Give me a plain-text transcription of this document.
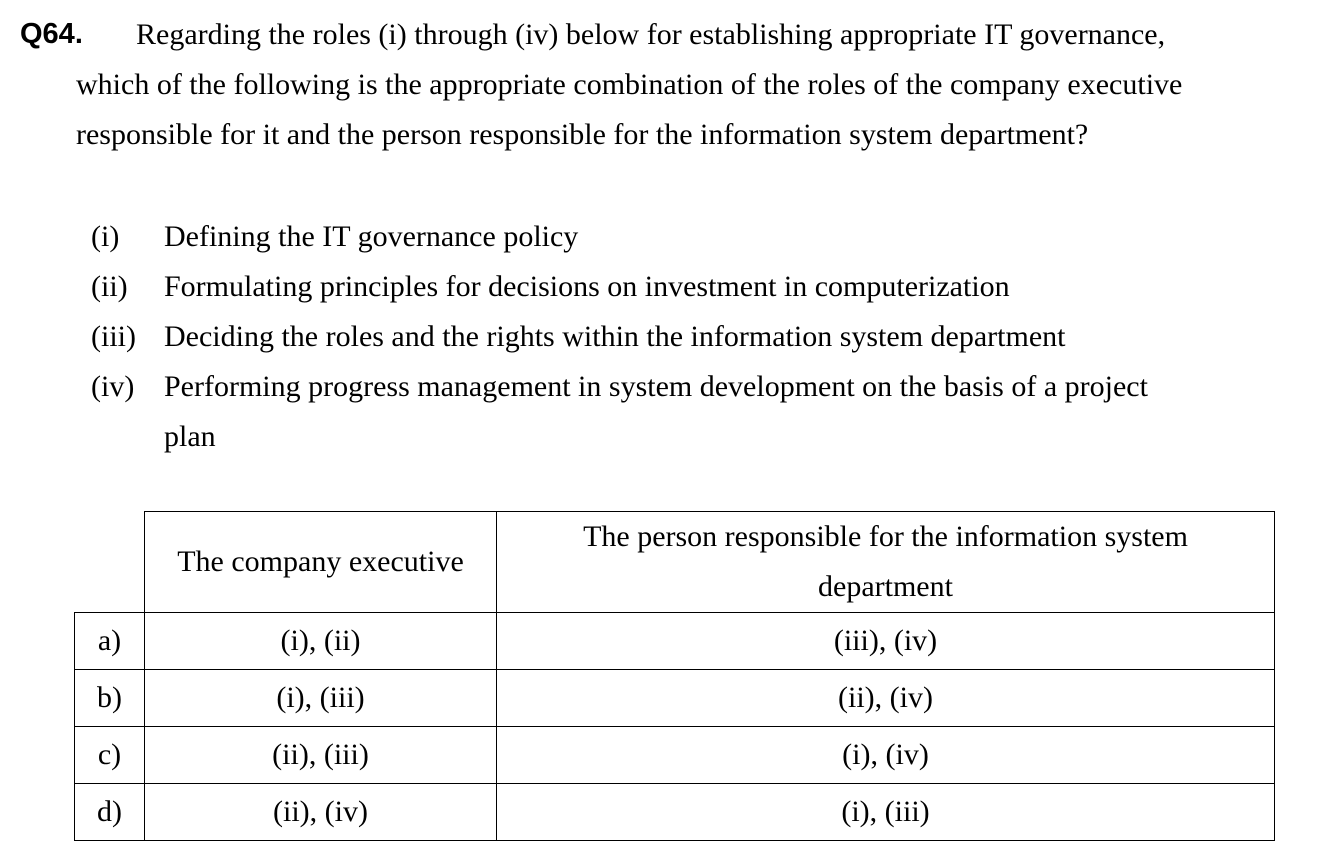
Q64. Regarding the roles (i) through (iv) below for establishing appropriate IT governance,
which of the following is the appropriate combination of the roles of the company executive
responsible for it and the person responsible for the information system department?
(i) Defining the IT governance policy
(ii) Formulating principles for decisions on investment in computerization
(iii) Deciding the roles and the rights within the information system department
(iv) Performing progress management in system development on the basis of a project
plan
	The company executive	The person responsible for the information system
department

a)	(i), (ii)	(iii), (iv)
b)	(i), (iii)	(ii), (iv)
c)	(ii), (iii)	(i), (iv)
d)	(ii), (iv)	(i), (iii)
